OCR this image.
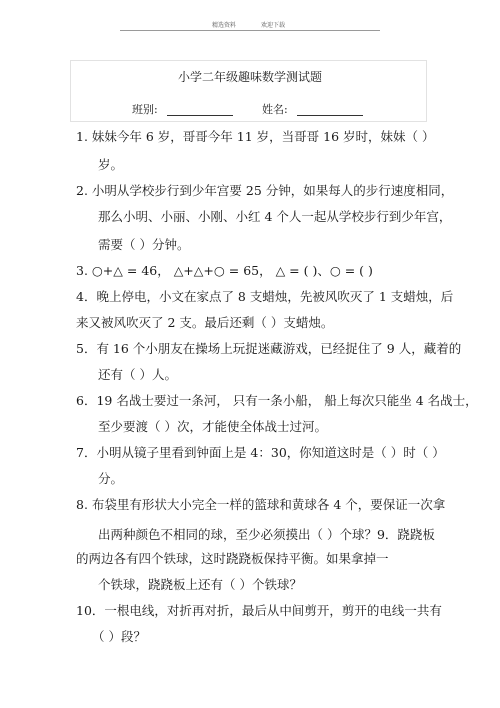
精选资料	欢迎下载
小学二年级趣味数学测试题
班别:	姓名:
1. 妹妹今年 6 岁，哥哥今年 11 岁，当哥哥 16 岁时，妹妹（ ）
岁。
2. 小明从学校步行到少年宫要 25 分钟，如果每人的步行速度相同，
那么小明、小丽、小刚、小红 4 个人一起从学校步行到少年宫，
需要（ ）分钟。
3. ○+△ = 46， △+△+○ = 65， △ = ( )、○ = ( )
4．晚上停电，小文在家点了 8 支蜡烛，先被风吹灭了 1 支蜡烛，后
来又被风吹灭了 2 支。最后还剩（ ）支蜡烛。
5．有 16 个小朋友在操场上玩捉迷藏游戏，已经捉住了 9 人，藏着的
还有（ ）人。
6．19 名战士要过一条河， 只有一条小船， 船上每次只能坐 4 名战士，
至少要渡（ ）次，才能使全体战士过河。
7．小明从镜子里看到钟面上是 4：30，你知道这时是（ ）时（ ）
分。
8. 布袋里有形状大小完全一样的篮球和黄球各 4 个，要保证一次拿
出两种颜色不相同的球，至少必须摸出（ ）个球？9．跷跷板
的两边各有四个铁球，这时跷跷板保持平衡。如果拿掉一
个铁球，跷跷板上还有（ ）个铁球？
10．一根电线，对折再对折，最后从中间剪开，剪开的电线一共有
（ ）段？
